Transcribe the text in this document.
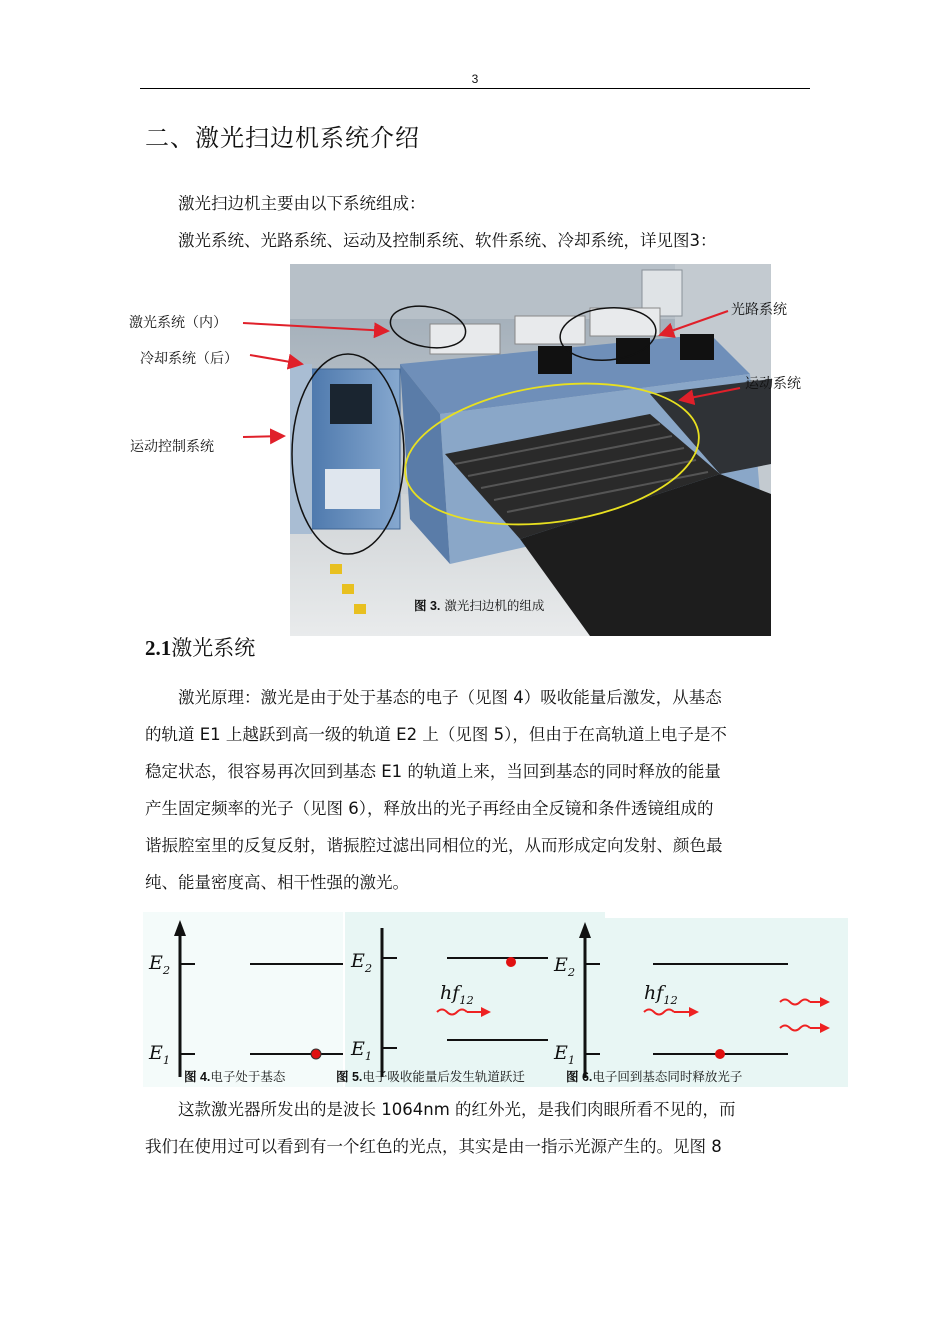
3
二、激光扫边机系统介绍
激光扫边机主要由以下系统组成：
激光系统、光路系统、运动及控制系统、软件系统、冷却系统，详见图3：
图 3. 激光扫边机的组成
激光系统（内）
冷却系统（后）
运动控制系统
光路系统
运动系统
2.1激光系统
激光原理：激光是由于处于基态的电子（见图 4）吸收能量后激发，从基态
的轨道 E1 上越跃到高一级的轨道 E2 上（见图 5），但由于在高轨道上电子是不
稳定状态，很容易再次回到基态 E1 的轨道上来，当回到基态的同时释放的能量
产生固定频率的光子（见图 6），释放出的光子再经由全反镜和条件透镜组成的
谐振腔室里的反复反射，谐振腔过滤出同相位的光，从而形成定向发射、颜色最
纯、能量密度高、相干性强的激光。
$E_2$
$E_1$
$E_2$
$E_1$
$hf_{12}$
$E_2$
$E_1$
$hf_{12}$
图 4.电子处于基态	图 5.电子吸收能量后发生轨道跃迁	图 6.电子回到基态同时释放光子
这款激光器所发出的是波长 1064nm 的红外光，是我们肉眼所看不见的，而
我们在使用过可以看到有一个红色的光点，其实是由一指示光源产生的。见图 8
